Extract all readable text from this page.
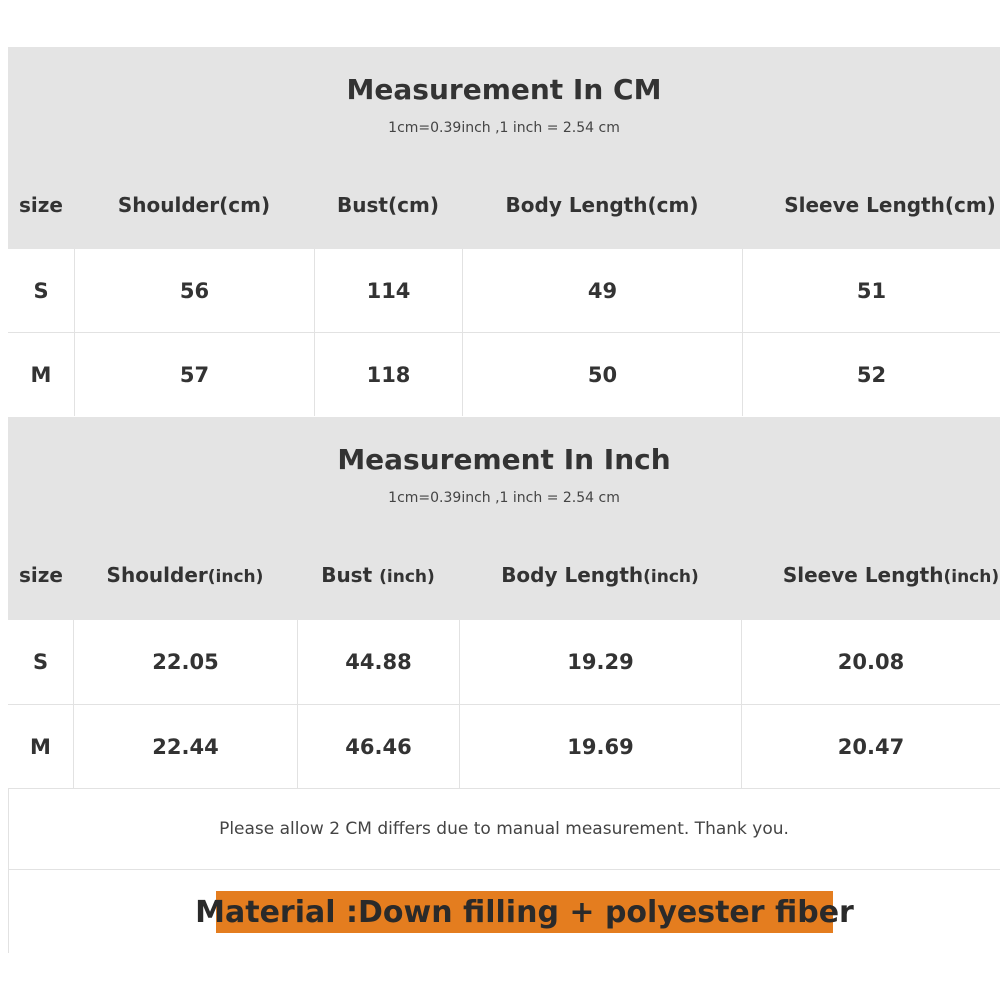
Measurement In CM
1cm=0.39inch ,1 inch = 2.54 cm
size	Shoulder(cm)	Bust(cm)	Body Length(cm)	Sleeve Length(cm)
S	56	114	49	51
M	57	118	50	52
Measurement In Inch
1cm=0.39inch ,1 inch = 2.54 cm
size	Shoulder(inch)	Bust (inch)	Body Length(inch)	Sleeve Length(inch)
S	22.05	44.88	19.29	20.08
M	22.44	46.46	19.69	20.47
Please allow 2 CM differs due to manual measurement. Thank you.
Material :Down filling + polyester fiber
